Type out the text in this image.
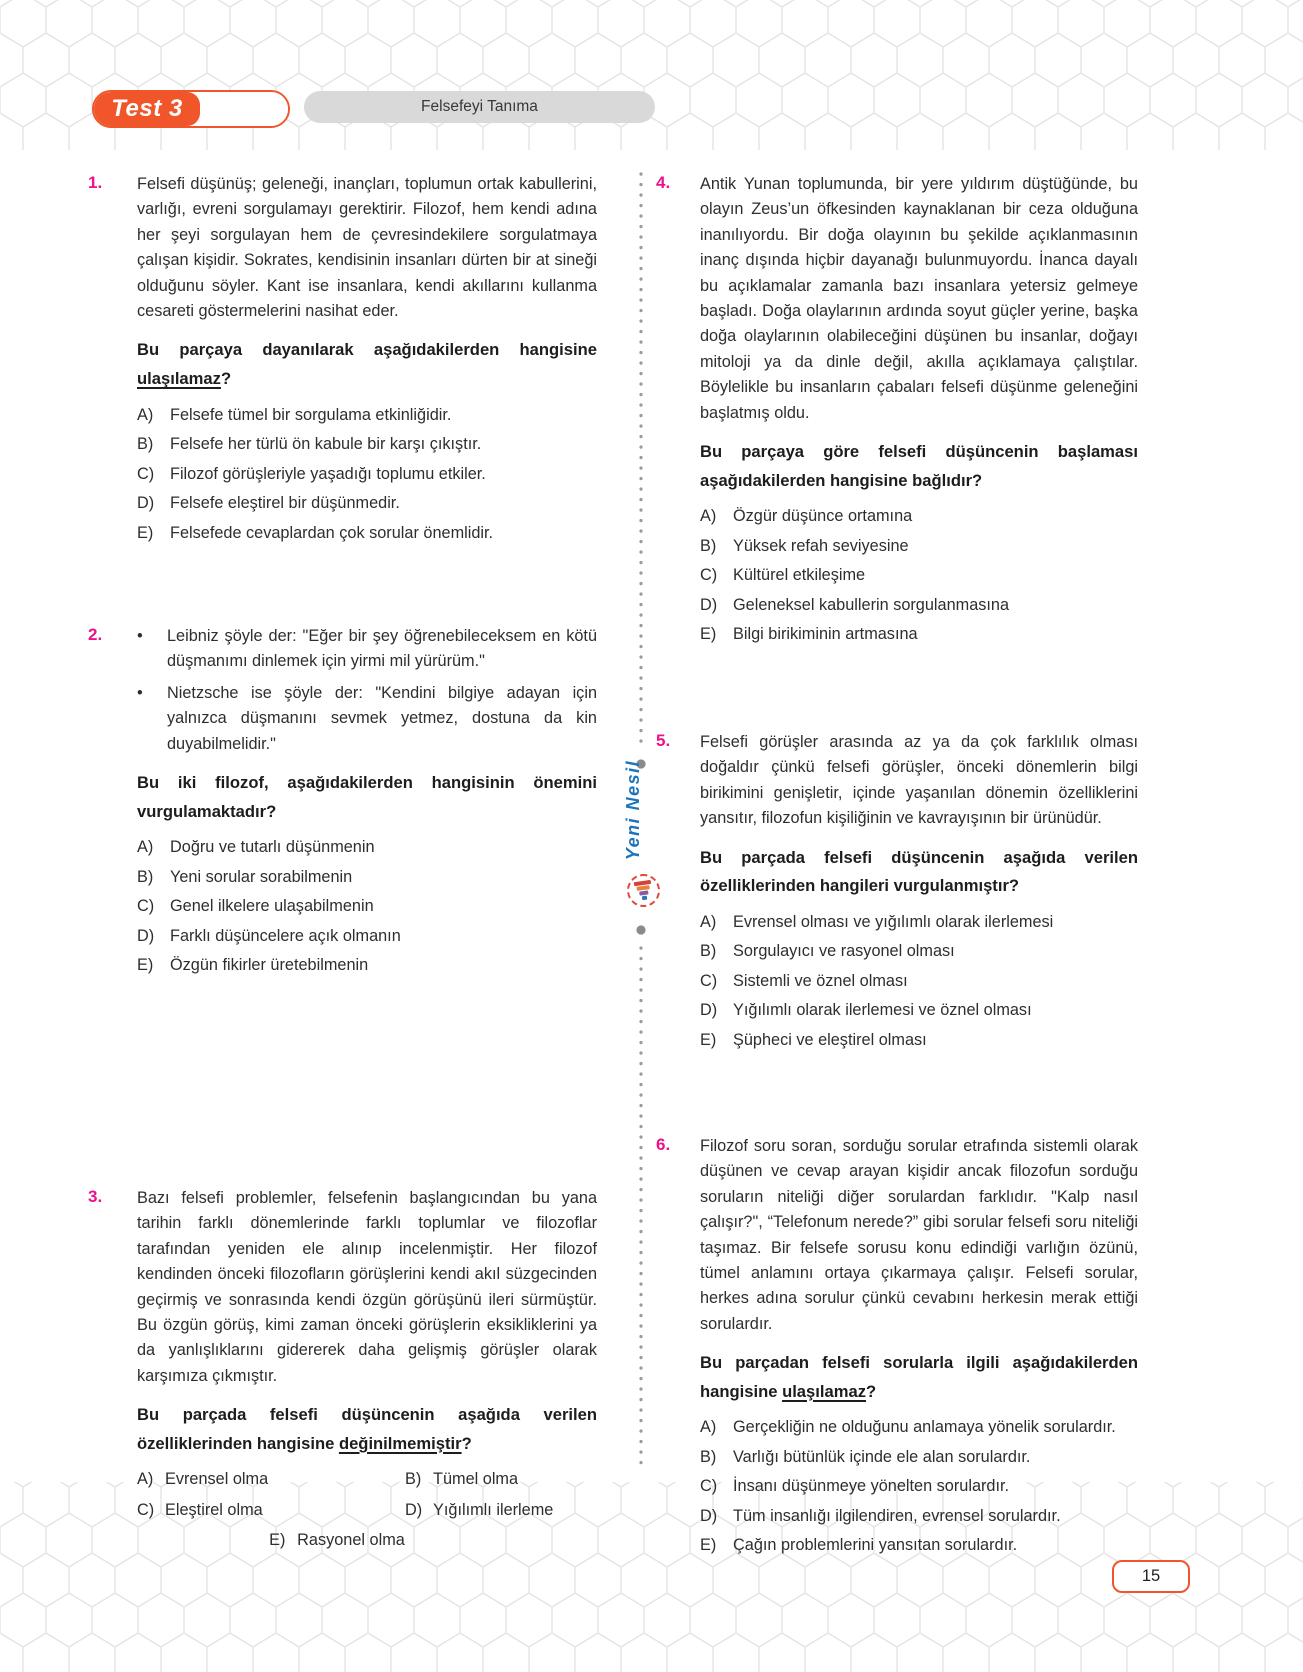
Test 3	Felsefeyi Tanıma
1.	Felsefi düşünüş; geleneği, inançları, toplumun ortak kabullerini, varlığı, evreni sorgulamayı gerektirir. Filozof, hem kendi adına her şeyi sorgulayan hem de çevresindekilere sorgulatmaya çalışan kişidir. Sokrates, kendisinin insanları dürten bir at sineği olduğunu söyler. Kant ise insanlara, kendi akıllarını kullanma cesareti göstermelerini nasihat eder.

Bu parçaya dayanılarak aşağıdakilerden hangisine ulaşılamaz?

A)	Felsefe tümel bir sorgulama etkinliğidir.
B)	Felsefe her türlü ön kabule bir karşı çıkıştır.
C) Filozof görüşleriyle yaşadığı toplumu etkiler.
D) Felsefe eleştirel bir düşünmedir.
E)	Felsefede cevaplardan çok sorular önemlidir.
2.	• Leibniz şöyle der: "Eğer bir şey öğrenebileceksem en kötü düşmanımı dinlemek için yirmi mil yürürüm."

• Nietzsche ise şöyle der: "Kendini bilgiye adayan için yalnızca düşmanını sevmek yetmez, dostuna da kin duyabilmelidir."

Bu iki filozof, aşağıdakilerden hangisinin önemini vurgulamaktadır?

A)	Doğru ve tutarlı düşünmenin
B)	Yeni sorular sorabilmenin
C) Genel ilkelere ulaşabilmenin
D) Farklı düşüncelere açık olmanın
E)	Özgün fikirler üretebilmenin
3.	Bazı felsefi problemler, felsefenin başlangıcından bu yana tarihin farklı dönemlerinde farklı toplumlar ve filozoflar tarafından yeniden ele alınıp incelenmiştir. Her filozof kendinden önceki filozofların görüşlerini kendi akıl süzgecinden geçirmiş ve sonrasında kendi özgün görüşünü ileri sürmüştür. Bu özgün görüş, kimi zaman önceki görüşlerin eksikliklerini ya da yanlışlıklarını gidererek daha gelişmiş görüşler olarak karşımıza çıkmıştır.

Bu parçada felsefi düşüncenin aşağıda verilen özelliklerinden hangisine değinilmemiştir?

A) Evrensel olma	B) Tümel olma
C) Eleştirel olma	D) Yığılımlı ilerleme
E) Rasyonel olma
4.	Antik Yunan toplumunda, bir yere yıldırım düştüğünde, bu olayın Zeus’un öfkesinden kaynaklanan bir ceza olduğuna inanılıyordu. Bir doğa olayının bu şekilde açıklanmasının inanç dışında hiçbir dayanağı bulunmuyordu. İnanca dayalı bu açıklamalar zamanla bazı insanlara yetersiz gelmeye başladı. Doğa olaylarının ardında soyut güçler yerine, başka doğa olaylarının olabileceğini düşünen bu insanlar, doğayı mitoloji ya da dinle değil, akılla açıklamaya çalıştılar. Böylelikle bu insanların çabaları felsefi düşünme geleneğini başlatmış oldu.

Bu parçaya göre felsefi düşüncenin başlaması aşağıdakilerden hangisine bağlıdır?

A)	Özgür düşünce ortamına
B)	Yüksek refah seviyesine
C) Kültürel etkileşime
D) Geleneksel kabullerin sorgulanmasına
E)	Bilgi birikiminin artmasına
5.	Felsefi görüşler arasında az ya da çok farklılık olması doğaldır çünkü felsefi görüşler, önceki dönemlerin bilgi birikimini genişletir, içinde yaşanılan dönemin özelliklerini yansıtır, filozofun kişiliğinin ve kavrayışının bir ürünüdür.

Bu parçada felsefi düşüncenin aşağıda verilen özelliklerinden hangileri vurgulanmıştır?

A)	Evrensel olması ve yığılımlı olarak ilerlemesi
B)	Sorgulayıcı ve rasyonel olması
C) Sistemli ve öznel olması
D) Yığılımlı olarak ilerlemesi ve öznel olması
E)	Şüpheci ve eleştirel olması
6.	Filozof soru soran, sorduğu sorular etrafında sistemli olarak düşünen ve cevap arayan kişidir ancak filozofun sorduğu soruların niteliği diğer sorulardan farklıdır. "Kalp nasıl çalışır?", “Telefonum nerede?” gibi sorular felsefi soru niteliği taşımaz. Bir felsefe sorusu konu edindiği varlığın özünü, tümel anlamını ortaya çıkarmaya çalışır. Felsefi sorular, herkes adına sorulur çünkü cevabını herkesin merak ettiği sorulardır.

Bu parçadan felsefi sorularla ilgili aşağıdakilerden hangisine ulaşılamaz?

A)	Gerçekliğin ne olduğunu anlamaya yönelik sorulardır.
B)	Varlığı bütünlük içinde ele alan sorulardır.
C) İnsanı düşünmeye yönelten sorulardır.
D) Tüm insanlığı ilgilendiren, evrensel sorulardır.
E)	Çağın problemlerini yansıtan sorulardır.
Yeni Nesil
15
